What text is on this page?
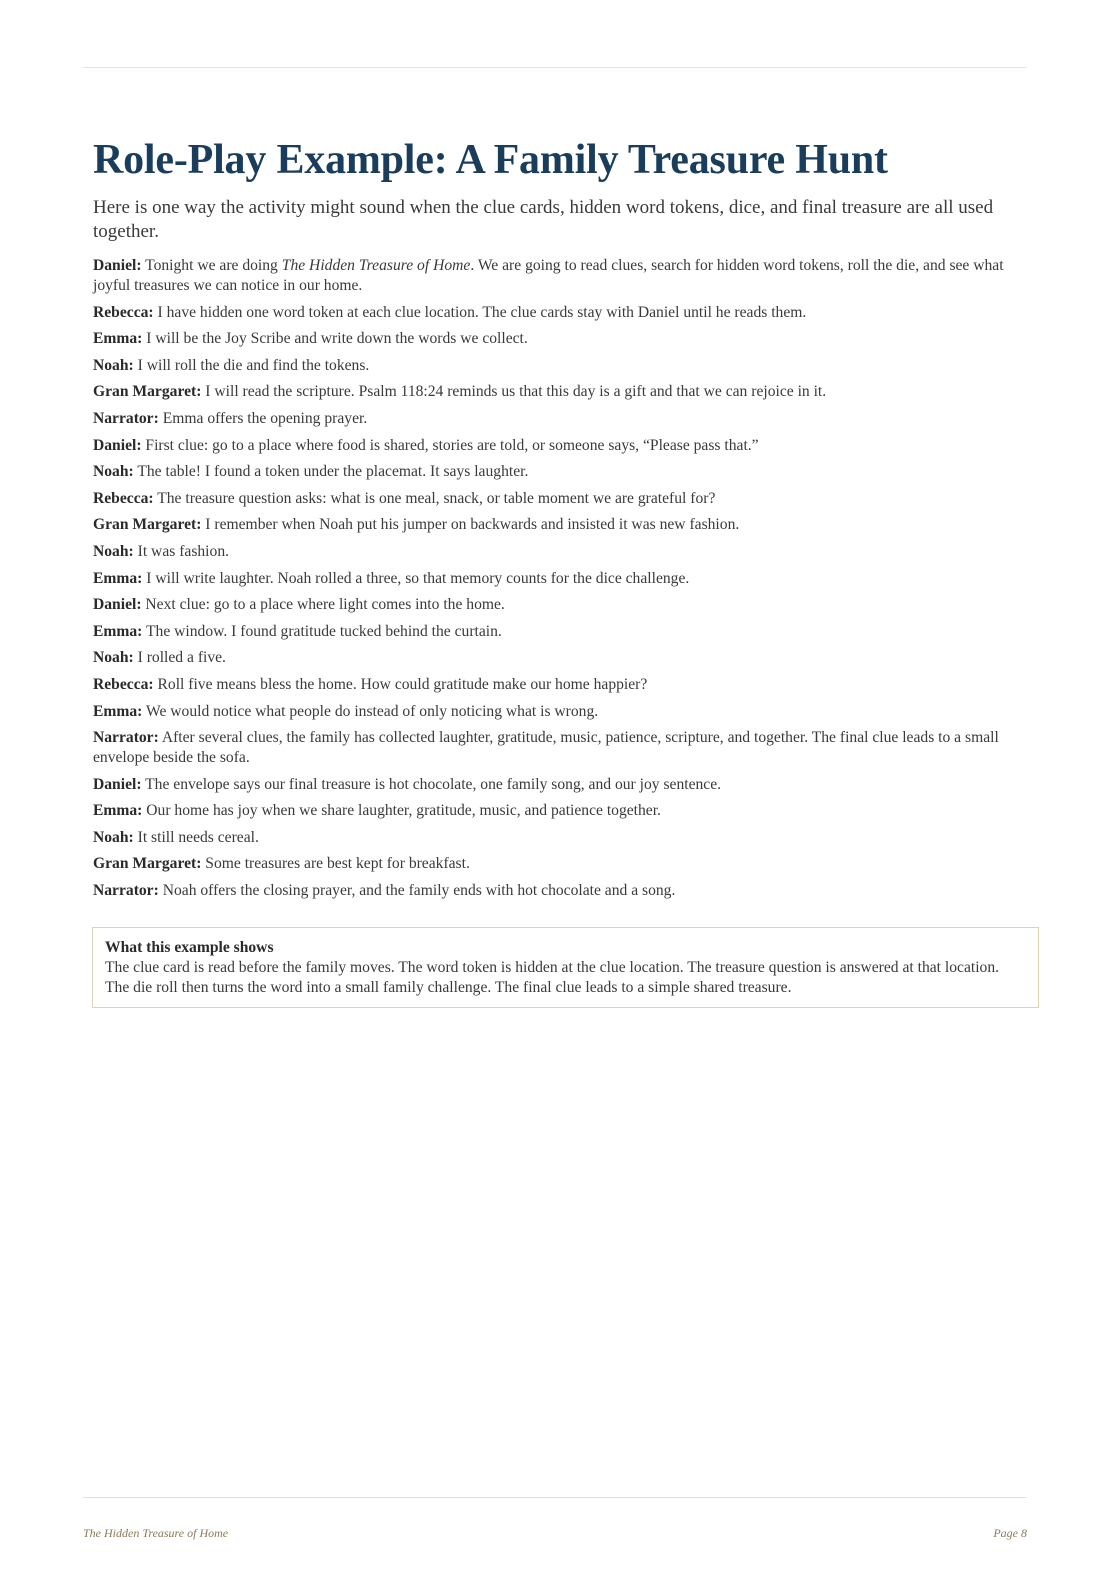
Role-Play Example: A Family Treasure Hunt

Here is one way the activity might sound when the clue cards, hidden word tokens, dice, and final treasure are all used together.

Daniel: Tonight we are doing The Hidden Treasure of Home. We are going to read clues, search for hidden word tokens, roll the die, and see what joyful treasures we can notice in our home.

Rebecca: I have hidden one word token at each clue location. The clue cards stay with Daniel until he reads them.

Emma: I will be the Joy Scribe and write down the words we collect.

Noah: I will roll the die and find the tokens.

Gran Margaret: I will read the scripture. Psalm 118:24 reminds us that this day is a gift and that we can rejoice in it.

Narrator: Emma offers the opening prayer.

Daniel: First clue: go to a place where food is shared, stories are told, or someone says, “Please pass that.”

Noah: The table! I found a token under the placemat. It says laughter.

Rebecca: The treasure question asks: what is one meal, snack, or table moment we are grateful for?

Gran Margaret: I remember when Noah put his jumper on backwards and insisted it was new fashion.

Noah: It was fashion.

Emma: I will write laughter. Noah rolled a three, so that memory counts for the dice challenge.

Daniel: Next clue: go to a place where light comes into the home.

Emma: The window. I found gratitude tucked behind the curtain.

Noah: I rolled a five.

Rebecca: Roll five means bless the home. How could gratitude make our home happier?

Emma: We would notice what people do instead of only noticing what is wrong.

Narrator: After several clues, the family has collected laughter, gratitude, music, patience, scripture, and together. The final clue leads to a small envelope beside the sofa.

Daniel: The envelope says our final treasure is hot chocolate, one family song, and our joy sentence.

Emma: Our home has joy when we share laughter, gratitude, music, and patience together.

Noah: It still needs cereal.

Gran Margaret: Some treasures are best kept for breakfast.

Narrator: Noah offers the closing prayer, and the family ends with hot chocolate and a song.

What this example shows
The clue card is read before the family moves. The word token is hidden at the clue location. The treasure question is answered at that location. The die roll then turns the word into a small family challenge. The final clue leads to a simple shared treasure.
The Hidden Treasure of Home	Page 8
